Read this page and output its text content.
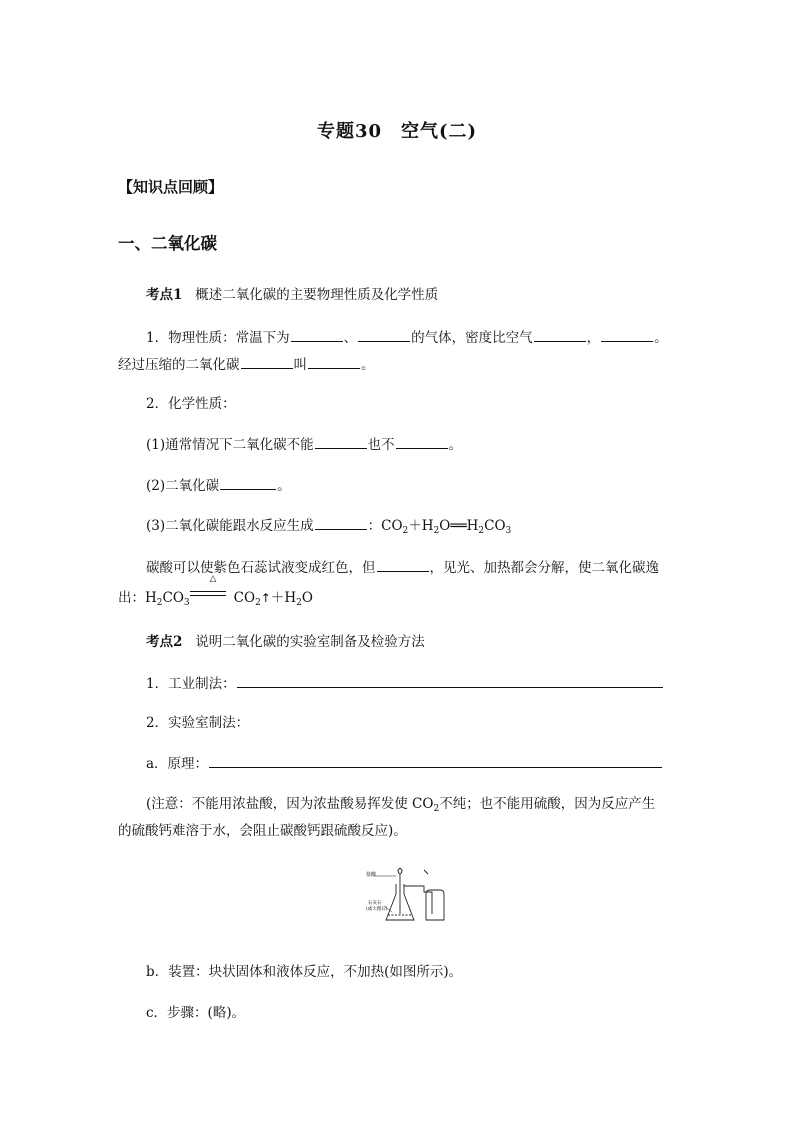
专题30　空气(二)
【知识点回顾】
一、二氧化碳
考点1 概述二氧化碳的主要物理性质及化学性质
1．物理性质：常温下为	、	的气体，密度比空气	，	。
经过压缩的二氧化碳	叫	。
2．化学性质：
(1)通常情况下二氧化碳不能	也不	。
(2)二氧化碳	。
(3)二氧化碳能跟水反应生成	：$CO_2+H_2O══H_2CO_3$
碳酸可以使紫色石蕊试液变成红色，但	，见光、加热都会分解，使二氧化碳逸
△
出：$H_2CO_3$	$CO_2↑+H_2O$
考点2 说明二氧化碳的实验室制备及检验方法
1．工业制法：
2．实验室制法：
a．原理：
(注意：不能用浓盐酸，因为浓盐酸易挥发使 $CO_2$不纯；也不能用硫酸，因为反应产生
的硫酸钙难溶于水，会阻止碳酸钙跟硫酸反应)。
盐酸
石灰石
(或大理石)
b．装置：块状固体和液体反应，不加热(如图所示)。
c．步骤：(略)。
